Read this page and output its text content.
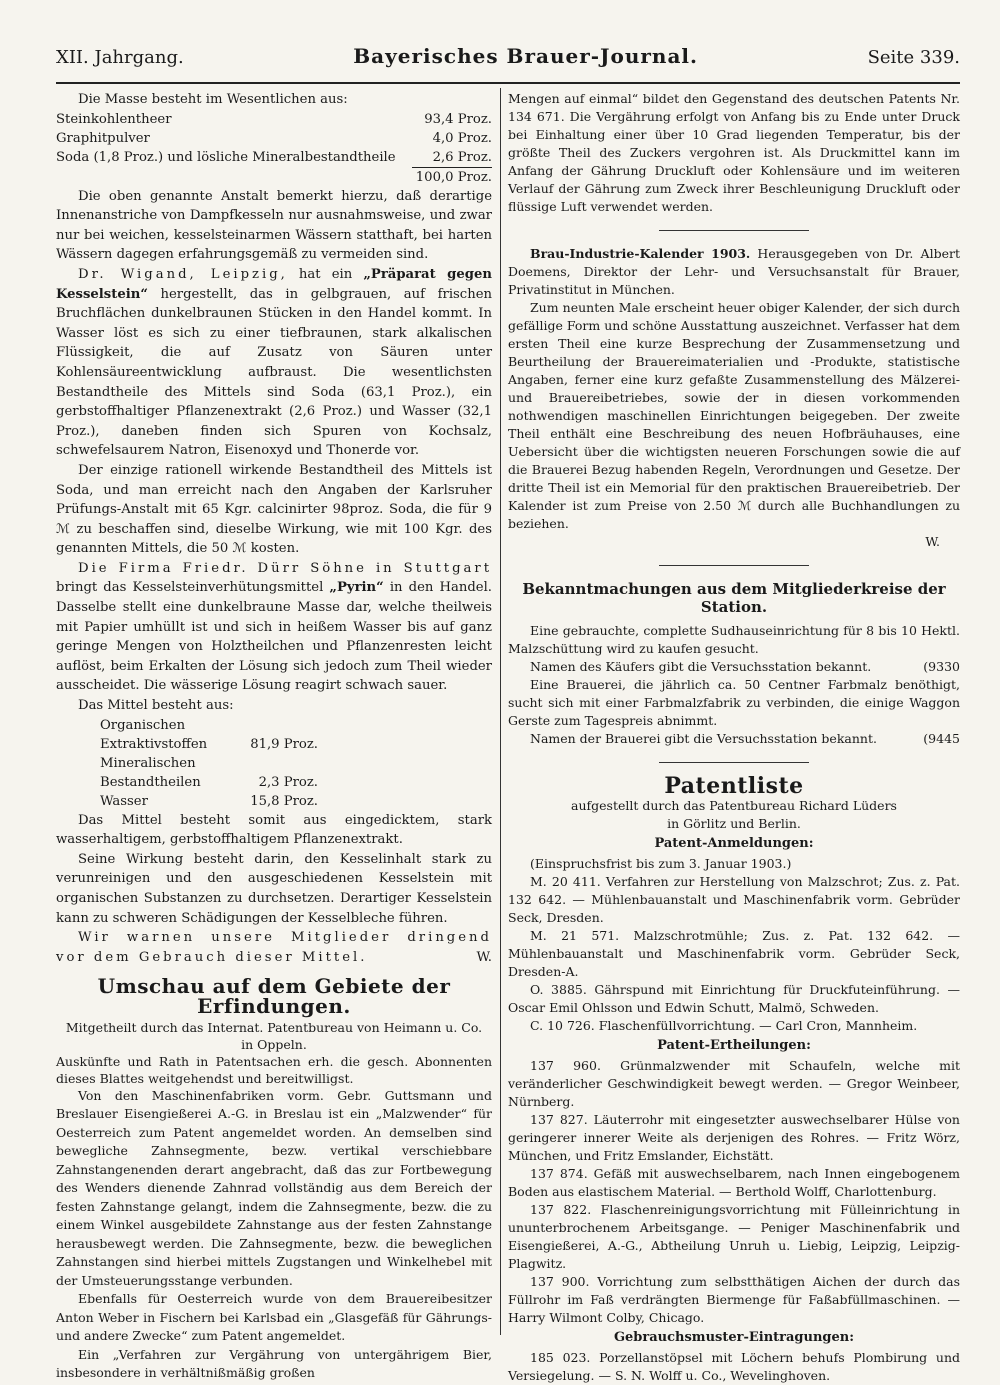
XII. Jahrgang.	Bayerisches Brauer-Journal.	Seite 339.

Die Masse besteht im Wesentlichen aus:

Steinkohlentheer	93,4 Proz.
Graphitpulver	4,0 Proz.
Soda (1,8 Proz.) und lösliche Mineralbestandtheile	2,6 Proz.
	100,0 Proz.

Die oben genannte Anstalt bemerkt hierzu, daß derartige Innenanstriche von Dampfkesseln nur ausnahmsweise, und zwar nur bei weichen, kesselsteinarmen Wässern statthaft, bei harten Wässern dagegen erfahrungsgemäß zu vermeiden sind.

Dr. Wigand, Leipzig, hat ein „Präparat gegen Kesselstein“ hergestellt, das in gelbgrauen, auf frischen Bruchflächen dunkelbraunen Stücken in den Handel kommt. In Wasser löst es sich zu einer tiefbraunen, stark alkalischen Flüssigkeit, die auf Zusatz von Säuren unter Kohlensäureentwicklung aufbraust. Die wesentlichsten Bestandtheile des Mittels sind Soda (63,1 Proz.), ein gerbstoffhaltiger Pflanzenextrakt (2,6 Proz.) und Wasser (32,1 Proz.), daneben finden sich Spuren von Kochsalz, schwefelsaurem Natron, Eisenoxyd und Thonerde vor.

Der einzige rationell wirkende Bestandtheil des Mittels ist Soda, und man erreicht nach den Angaben der Karlsruher Prüfungs-Anstalt mit 65 Kgr. calcinirter 98proz. Soda, die für 9 ℳ zu beschaffen sind, dieselbe Wirkung, wie mit 100 Kgr. des genannten Mittels, die 50 ℳ kosten.

Die Firma Friedr. Dürr Söhne in Stuttgart bringt das Kesselsteinverhütungsmittel „Pyrin“ in den Handel. Dasselbe stellt eine dunkelbraune Masse dar, welche theilweis mit Papier umhüllt ist und sich in heißem Wasser bis auf ganz geringe Mengen von Holztheilchen und Pflanzenresten leicht auflöst, beim Erkalten der Lösung sich jedoch zum Theil wieder ausscheidet. Die wässerige Lösung reagirt schwach sauer.

Das Mittel besteht aus:

Organischen Extraktivstoffen	81,9 Proz.
Mineralischen Bestandtheilen	2,3 Proz.
Wasser	15,8 Proz.

Das Mittel besteht somit aus eingedicktem, stark wasserhaltigem, gerbstoffhaltigem Pflanzenextrakt.

Seine Wirkung besteht darin, den Kesselinhalt stark zu verunreinigen und den ausgeschiedenen Kesselstein mit organischen Substanzen zu durchsetzen. Derartiger Kesselstein kann zu schweren Schädigungen der Kesselbleche führen.

Wir warnen unsere Mitglieder dringend vor dem Gebrauch dieser Mittel.	W.

Umschau auf dem Gebiete der Erfindungen.

Mitgetheilt durch das Internat. Patentbureau von Heimann u. Co.

in Oppeln.

Auskünfte und Rath in Patentsachen erh. die gesch. Abonnenten dieses Blattes weitgehendst und bereitwilligst.

Von den Maschinenfabriken vorm. Gebr. Guttsmann und Breslauer Eisengießerei A.-G. in Breslau ist ein „Malzwender“ für Oesterreich zum Patent angemeldet worden. An demselben sind bewegliche Zahnsegmente, bezw. vertikal verschiebbare Zahnstangenenden derart angebracht, daß das zur Fortbewegung des Wenders dienende Zahnrad vollständig aus dem Bereich der festen Zahnstange gelangt, indem die Zahnsegmente, bezw. die zu einem Winkel ausgebildete Zahnstange aus der festen Zahnstange herausbewegt werden. Die Zahnsegmente, bezw. die beweglichen Zahnstangen sind hierbei mittels Zugstangen und Winkelhebel mit der Umsteuerungsstange verbunden.

Ebenfalls für Oesterreich wurde von dem Brauereibesitzer Anton Weber in Fischern bei Karlsbad ein „Glasgefäß für Gährungs- und andere Zwecke“ zum Patent angemeldet.

Ein „Verfahren zur Vergährung von untergährigem Bier, insbesondere in verhältnißmäßig großen

Mengen auf einmal“ bildet den Gegenstand des deutschen Patents Nr. 134 671. Die Vergährung erfolgt von Anfang bis zu Ende unter Druck bei Einhaltung einer über 10 Grad liegenden Temperatur, bis der größte Theil des Zuckers vergohren ist. Als Druckmittel kann im Anfang der Gährung Druckluft oder Kohlensäure und im weiteren Verlauf der Gährung zum Zweck ihrer Beschleunigung Druckluft oder flüssige Luft verwendet werden.

Brau-Industrie-Kalender 1903. Herausgegeben von Dr. Albert Doemens, Direktor der Lehr- und Versuchsanstalt für Brauer, Privatinstitut in München.

Zum neunten Male erscheint heuer obiger Kalender, der sich durch gefällige Form und schöne Ausstattung auszeichnet. Verfasser hat dem ersten Theil eine kurze Besprechung der Zusammensetzung und Beurtheilung der Brauereimaterialien und -Produkte, statistische Angaben, ferner eine kurz gefaßte Zusammenstellung des Mälzerei- und Brauereibetriebes, sowie der in diesen vorkommenden nothwendigen maschinellen Einrichtungen beigegeben. Der zweite Theil enthält eine Beschreibung des neuen Hofbräuhauses, eine Uebersicht über die wichtigsten neueren Forschungen sowie die auf die Brauerei Bezug habenden Regeln, Verordnungen und Gesetze. Der dritte Theil ist ein Memorial für den praktischen Brauereibetrieb. Der Kalender ist zum Preise von 2.50 ℳ durch alle Buchhandlungen zu beziehen.

W.

Bekanntmachungen aus dem Mitgliederkreise der Station.

Eine gebrauchte, complette Sudhauseinrichtung für 8 bis 10 Hektl. Malzschüttung wird zu kaufen gesucht.

Namen des Käufers gibt die Versuchsstation bekannt.	(9330

Eine Brauerei, die jährlich ca. 50 Centner Farbmalz benöthigt, sucht sich mit einer Farbmalzfabrik zu verbinden, die einige Waggon Gerste zum Tagespreis abnimmt.

Namen der Brauerei gibt die Versuchsstation bekannt.	(9445

Patentliste

aufgestellt durch das Patentbureau Richard Lüders

in Görlitz und Berlin.

Patent-Anmeldungen:

(Einspruchsfrist bis zum 3. Januar 1903.)

M. 20 411. Verfahren zur Herstellung von Malzschrot; Zus. z. Pat. 132 642. — Mühlenbauanstalt und Maschinenfabrik vorm. Gebrüder Seck, Dresden.

M. 21 571. Malzschrotmühle; Zus. z. Pat. 132 642. — Mühlenbauanstalt und Maschinenfabrik vorm. Gebrüder Seck, Dresden-A.

O. 3885. Gährspund mit Einrichtung für Druckfuteinführung. — Oscar Emil Ohlsson und Edwin Schutt, Malmö, Schweden.

C. 10 726. Flaschenfüllvorrichtung. — Carl Cron, Mannheim.

Patent-Ertheilungen:

137 960. Grünmalzwender mit Schaufeln, welche mit veränderlicher Geschwindigkeit bewegt werden. — Gregor Weinbeer, Nürnberg.

137 827. Läuterrohr mit eingesetzter auswechselbarer Hülse von geringerer innerer Weite als derjenigen des Rohres. — Fritz Wörz, München, und Fritz Emslander, Eichstätt.

137 874. Gefäß mit auswechselbarem, nach Innen eingebogenem Boden aus elastischem Material. — Berthold Wolff, Charlottenburg.

137 822. Flaschenreinigungsvorrichtung mit Fülleinrichtung in ununterbrochenem Arbeitsgange. — Peniger Maschinenfabrik und Eisengießerei, A.-G., Abtheilung Unruh u. Liebig, Leipzig, Leipzig-Plagwitz.

137 900. Vorrichtung zum selbstthätigen Aichen der durch das Füllrohr im Faß verdrängten Biermenge für Faßabfüllmaschinen. — Harry Wilmont Colby, Chicago.

Gebrauchsmuster-Eintragungen:

185 023. Porzellanstöpsel mit Löchern behufs Plombirung und Versiegelung. — S. N. Wolff u. Co., Wevelinghoven.
